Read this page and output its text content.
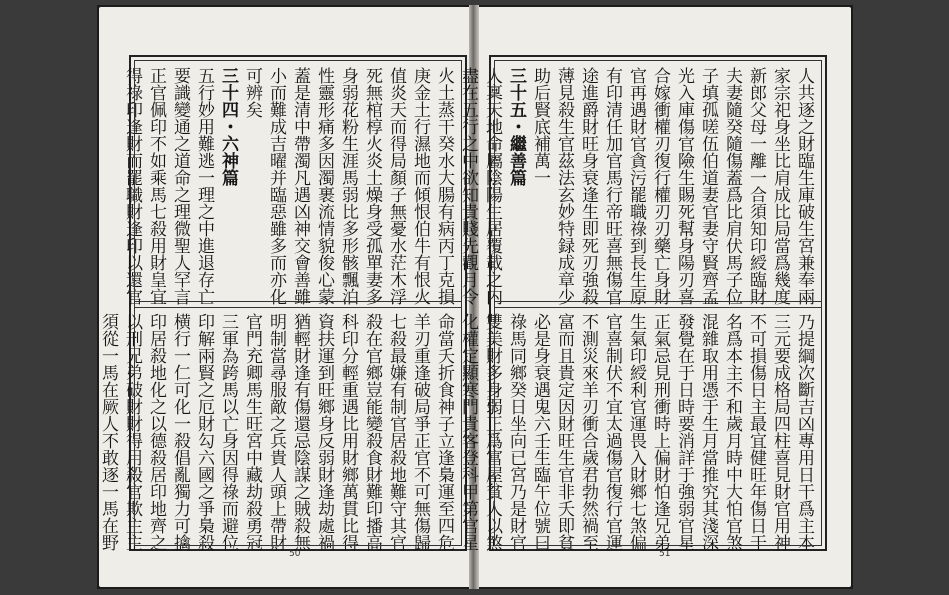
火土蒸干癸水大腸有病丙丁克損
庚金土行濕地而傾恨伯牛有恨火
值炎天而得局顏子無憂水茫木浮
死無棺椁火炎土燥身受孤單妻多
身弱花粉生涯馬弱比多形骸飄泊
性靈形痛多因濁裹流情貌俊心蒙
蓋是清中帶濁凡遇凶神交會善雖
小而難成吉曜并臨惡雖多而亦化
可辨矣
三十四・六神篇
五行妙用難逃一理之中進退存亡
要識變通之道命之理微聖人罕言
正官佩印不如乘馬七殺用財皇宜
得祿印逢財而罷職財逢印以還官
命當夭折食神子立逢梟運至四危
羊刃重逢破局爭正官不可無傷歸
七殺最嫌有制官居殺地難守其官
殺在官鄉豈能變殺食財難印播高
科印分輕重遇比用財鄉萬貫比得
資扶運到旺鄉身反弱財逢劫處禍
猶輕財逢有傷還忌陰謀之賊殺無
明制當尋服敵之兵貴人頭上帶財
官門充卿馬生旺宮中藏劫殺勇冠
三軍為跨馬以亡身因得祿而避位
印解兩賢之厄財勾六國之爭梟殺
横行一仁可化一殺倡亂獨力可擒
印居殺地化之以德殺居印地齊之
以刑兄弟破財財得用殺官欺主主
須從一馬在厥人不敢逐一馬在野
50
人共逐之財臨生庫破生宮兼奉兩
家宗祀身坐比肩成比局當爲幾度
新郎父母一離一合須知印綬臨財
夫妻隨癸隨傷蓋爲比肩伏馬子位
子填孤嗟伍伯道妻官妻守賢齊孟
光入庫傷官險生賜死幫身陽刃喜
合嫁衝權刃復行權刃刃藥亡身財
官再遇財官貪污罷職祿到長生原
有印清任加官馬行帝旺喜無傷官
途進爵財旺身衰逢生即死刃強殺
薄見殺生官茲法玄妙特録成章少
助后賢底補萬一
三十五・繼善篇
人稟天地命屬陰陽生居覆載之内
盡在五行之中欲知貴賤先觀月令
乃提綱次斷吉凶專用日干爲主本
三元要成格局四柱喜見財官用神
不可損傷日主最宜健旺年傷日干
名爲本主不和歲月時中大怕官煞
混雜取用憑于生月當推究其淺深
發覺在于日時要消詳于強弱官星
正氣忌見刑衝時上偏財怕逢兄弟
生氣印綬利官運畏入財鄉七煞偏
官喜制伏不宜太過傷官復行官運
不測災來羊刃衝合歲君勃然禍至
富而且貴定因財旺生官非夭即貧
必是身衰遇鬼六壬生臨午位號曰
祿馬同鄉癸日坐向已宮乃是財官
雙美財多身弱正爲富屋貧人以煞
化權定顯寒門貴客登科甲第官星
51
